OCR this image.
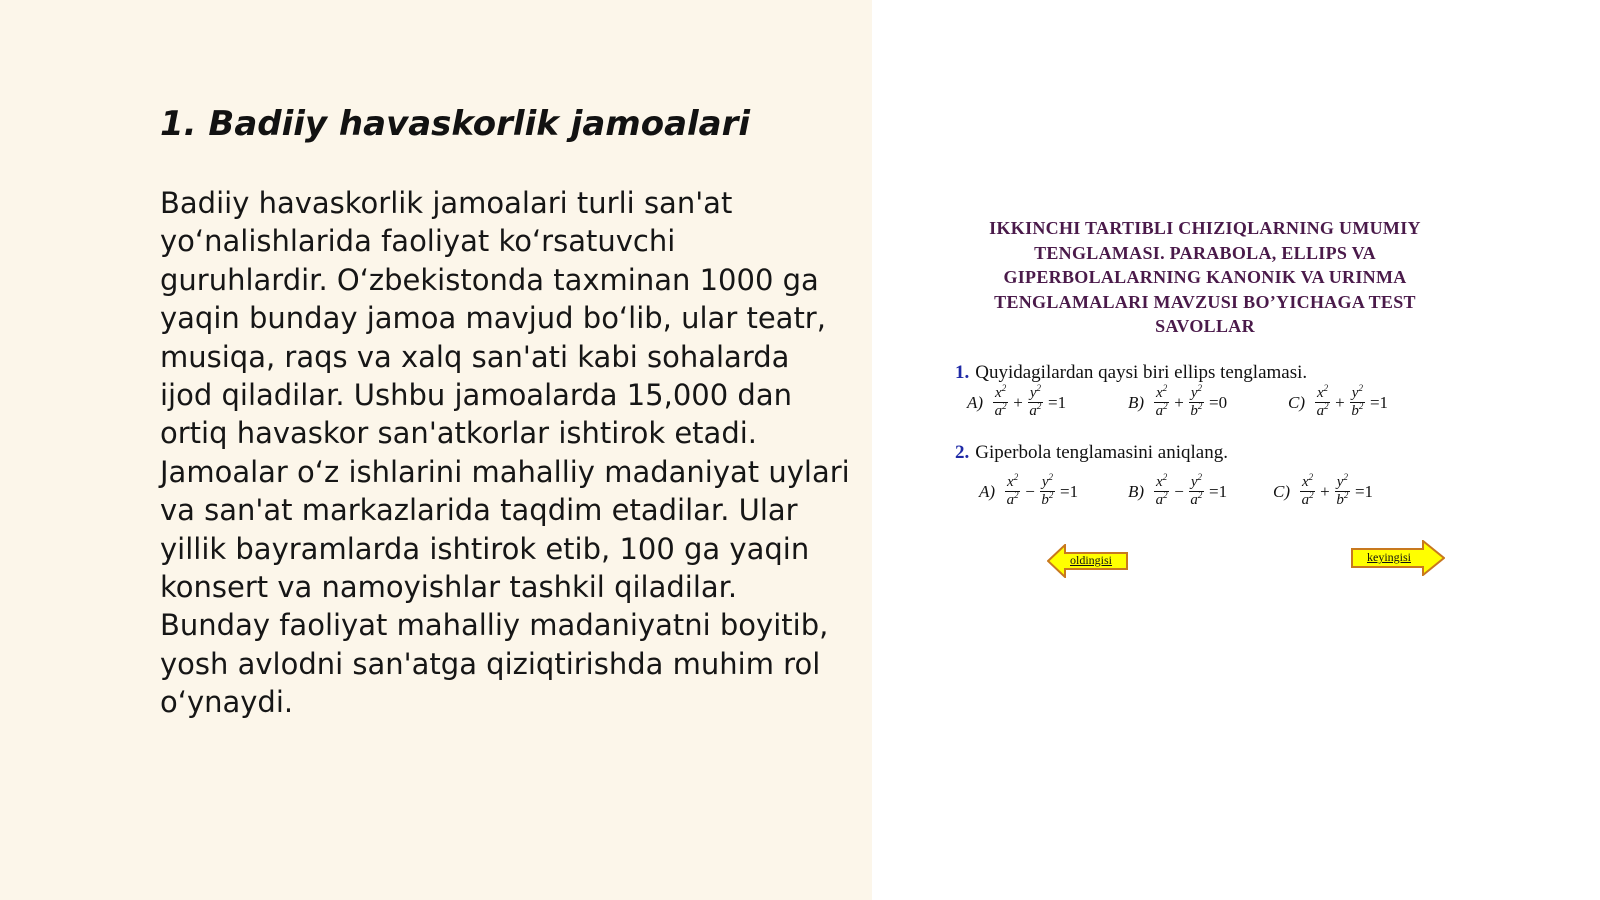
1. Badiiy havaskorlik jamoalari

Badiiy havaskorlik jamoalari turli san'at yo‘nalishlarida faoliyat ko‘rsatuvchi guruhlardir. O‘zbekistonda taxminan 1000 ga yaqin bunday jamoa mavjud bo‘lib, ular teatr, musiqa, raqs va xalq san'ati kabi sohalarda ijod qiladilar. Ushbu jamoalarda 15,000 dan ortiq havaskor san'atkorlar ishtirok etadi. Jamoalar o‘z ishlarini mahalliy madaniyat uylari va san'at markazlarida taqdim etadilar. Ular yillik bayramlarda ishtirok etib, 100 ga yaqin konsert va namoyishlar tashkil qiladilar. Bunday faoliyat mahalliy madaniyatni boyitib, yosh avlodni san'atga qiziqtirishda muhim rol o‘ynaydi.

IKKINCHI TARTIBLI CHIZIQLARNING UMUMIY TENGLAMASI. PARABOLA, ELLIPS VA GIPERBOLALARNING KANONIK VA URINMA TENGLAMALARI MAVZUSI BO’YICHAGA TEST SAVOLLAR
1. Quyidagilardan qaysi biri ellips tenglamasi.
$A) \frac{x^2}{a^2} + \frac{y^2}{a^2} =1$	$B) \frac{x^2}{a^2} + \frac{y^2}{b^2} =0$	$C) \frac{x^2}{a^2} + \frac{y^2}{b^2} =1$
2. Giperbola tenglamasini aniqlang.
$A) \frac{x^2}{a^2} - \frac{y^2}{b^2} =1$	$B) \frac{x^2}{a^2} - \frac{y^2}{a^2} =1$	$C) \frac{x^2}{a^2} + \frac{y^2}{b^2} =1$
oldingisi	keyingisi
